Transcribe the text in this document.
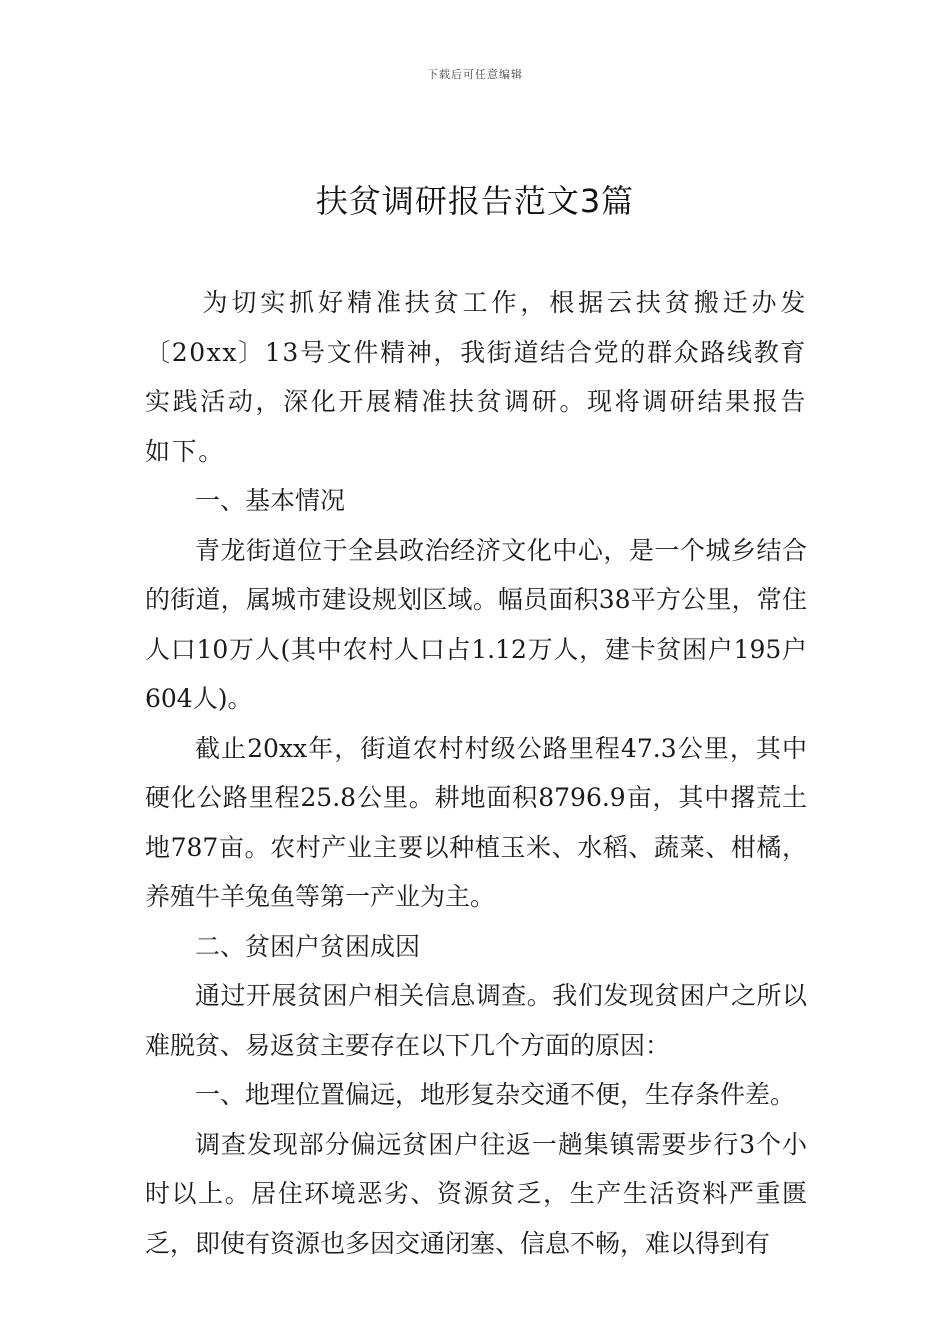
下载后可任意编辑
扶贫调研报告范文3篇

为切实抓好精准扶贫工作，根据云扶贫搬迁办发〔20xx〕13号文件精神，我街道结合党的群众路线教育实践活动，深化开展精准扶贫调研。现将调研结果报告如下。

一、基本情况

青龙街道位于全县政治经济文化中心，是一个城乡结合的街道，属城市建设规划区域。幅员面积38平方公里，常住人口10万人(其中农村人口占1.12万人，建卡贫困户195户604人)。

截止20xx年，街道农村村级公路里程47.3公里，其中硬化公路里程25.8公里。耕地面积8796.9亩，其中撂荒土地787亩。农村产业主要以种植玉米、水稻、蔬菜、柑橘，养殖牛羊兔鱼等第一产业为主。

二、贫困户贫困成因

通过开展贫困户相关信息调查。我们发现贫困户之所以难脱贫、易返贫主要存在以下几个方面的原因：

一、地理位置偏远，地形复杂交通不便，生存条件差。

调查发现部分偏远贫困户往返一趟集镇需要步行3个小时以上。居住环境恶劣、资源贫乏，生产生活资料严重匮乏，即使有资源也多因交通闭塞、信息不畅，难以得到有
